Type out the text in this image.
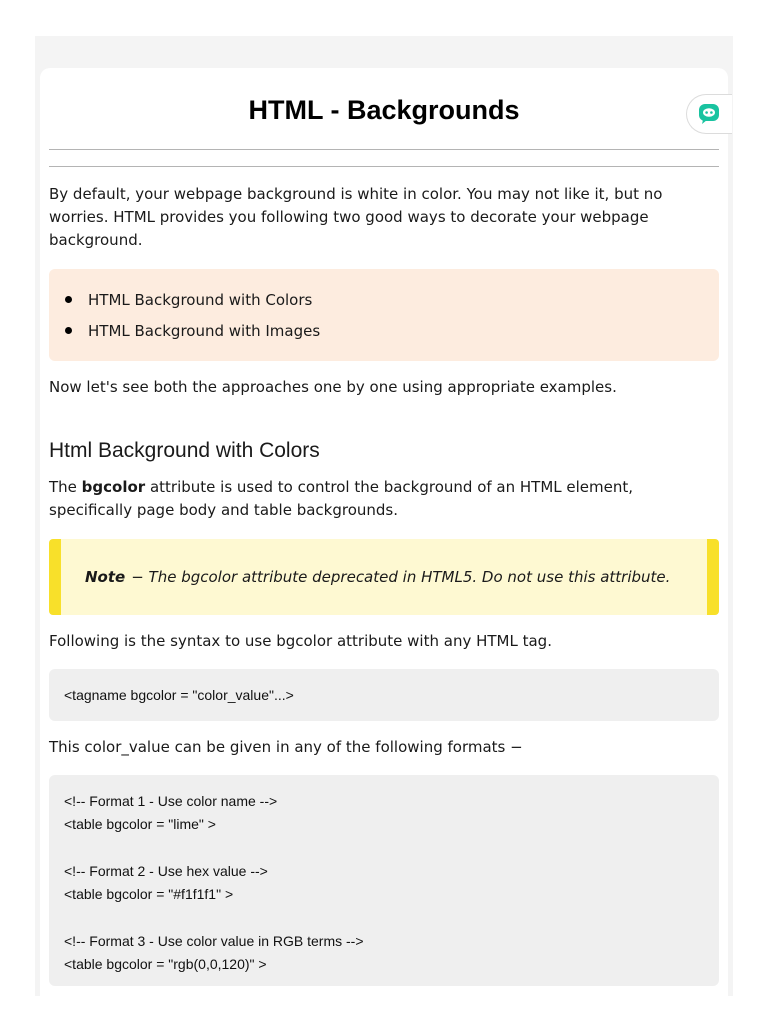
HTML - Backgrounds

By default, your webpage background is white in color. You may not like it, but no worries. HTML provides you following two good ways to decorate your webpage background.

HTML Background with Colors
HTML Background with Images

Now let's see both the approaches one by one using appropriate examples.

Html Background with Colors

The bgcolor attribute is used to control the background of an HTML element, specifically page body and table backgrounds.

Note − The bgcolor attribute deprecated in HTML5. Do not use this attribute.

Following is the syntax to use bgcolor attribute with any HTML tag.

<tagname bgcolor = "color_value"...>

This color_value can be given in any of the following formats −

<!-- Format 1 - Use color name -->
<table bgcolor = "lime" >
<!-- Format 2 - Use hex value -->
<table bgcolor = "#f1f1f1" >
<!-- Format 3 - Use color value in RGB terms -->
<table bgcolor = "rgb(0,0,120)" >
